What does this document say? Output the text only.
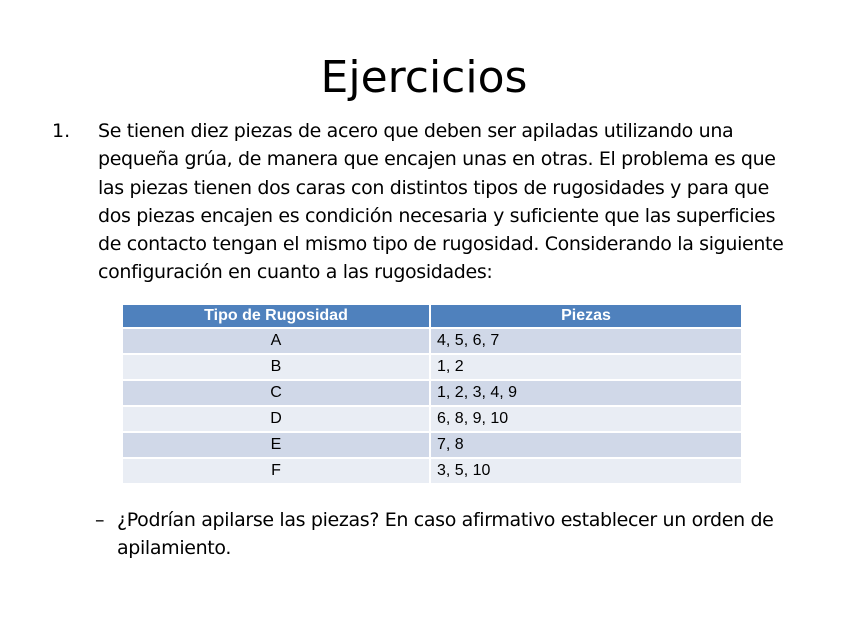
Ejercicios
1. Se tienen diez piezas de acero que deben ser apiladas utilizando una
pequeña grúa, de manera que encajen unas en otras. El problema es que
las piezas tienen dos caras con distintos tipos de rugosidades y para que
dos piezas encajen es condición necesaria y suficiente que las superficies
de contacto tengan el mismo tipo de rugosidad. Considerando la siguiente
configuración en cuanto a las rugosidades:
Tipo de Rugosidad	Piezas
A	4, 5, 6, 7
B	1, 2
C	1, 2, 3, 4, 9
D	6, 8, 9, 10
E	7, 8
F	3, 5, 10
– ¿Podrían apilarse las piezas? En caso afirmativo establecer un orden de
apilamiento.
